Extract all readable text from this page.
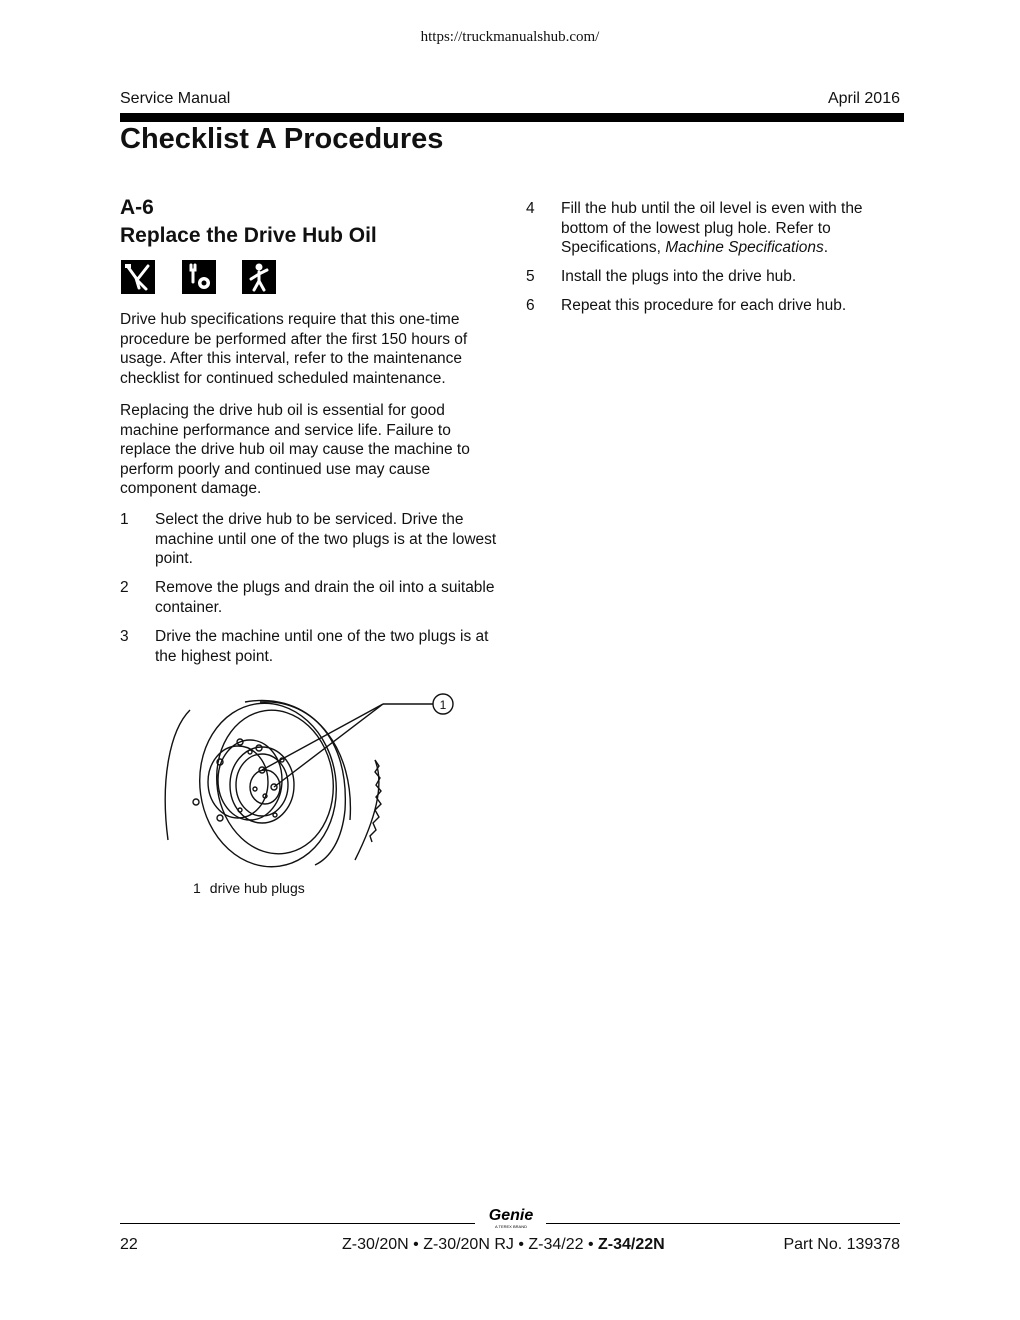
https://truckmanualshub.com/
Service Manual	April 2016
Checklist A Procedures
A-6
Replace the Drive Hub Oil

Drive hub specifications require that this one-time procedure be performed after the first 150 hours of usage. After this interval, refer to the maintenance checklist for continued scheduled maintenance.

Replacing the drive hub oil is essential for good machine performance and service life. Failure to replace the drive hub oil may cause the machine to perform poorly and continued use may cause component damage.

1 Select the drive hub to be serviced. Drive the machine until one of the two plugs is at the lowest point.
2 Remove the plugs and drain the oil into a suitable container.
3 Drive the machine until one of the two plugs is at the highest point.
4 Fill the hub until the oil level is even with the bottom of the lowest plug hole. Refer to Specifications, Machine Specifications.
5 Install the plugs into the drive hub.
6 Repeat this procedure for each drive hub.
1
1 drive hub plugs
Genie
A TEREX BRAND
22	Z-30/20N • Z-30/20N RJ • Z-34/22 • Z-34/22N	Part No. 139378
